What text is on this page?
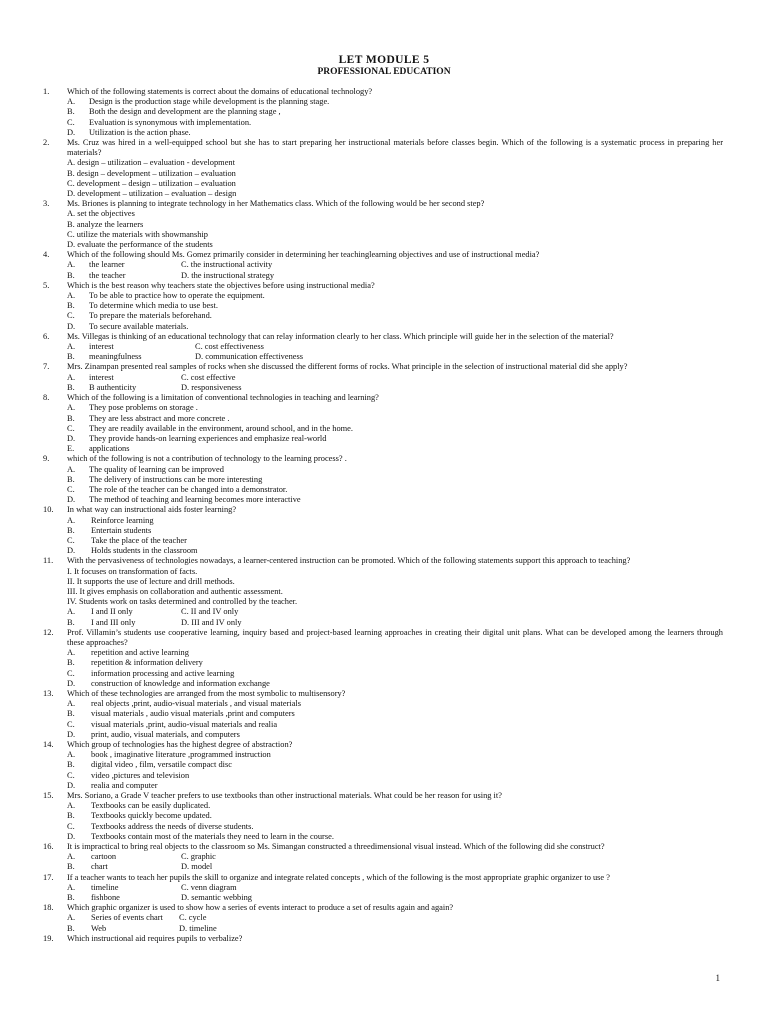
LET MODULE 5
PROFESSIONAL EDUCATION
1. Which of the following statements is correct about the domains of educational technology?
A. Design is the production stage while development is the planning stage.
B. Both the design and development are the planning stage ,
C. Evaluation is synonymous with implementation.
D. Utilization is the action phase.
2. Ms. Cruz was hired in a well-equipped school but she has to start preparing her instructional materials before classes begin. Which of the following is a systematic process in preparing her materials?
A. design – utilization – evaluation - development
B. design – development – utilization – evaluation
C. development – design – utilization – evaluation
D. development – utilization – evaluation – design
3. Ms. Briones is planning to integrate technology in her Mathematics class. Which of the following would be her second step?
A. set the objectives
B. analyze the learners
C. utilize the materials with showmanship
D. evaluate the performance of the students
4. Which of the following should Ms. Gomez primarily consider in determining her teachinglearning objectives and use of instructional media?
A. the learner	C. the instructional activity
B. the teacher	D. the instructional strategy
5. Which is the best reason why teachers state the objectives before using instructional media?
A. To be able to practice how to operate the equipment.
B. To determine which media to use best.
C. To prepare the materials beforehand.
D. To secure available materials.
6. Ms. Villegas is thinking of an educational technology that can relay information clearly to her class. Which principle will guide her in the selection of the material?
A. interest	C. cost effectiveness
B. meaningfulness	D. communication effectiveness
7. Mrs. Zinampan presented real samples of rocks when she discussed the different forms of rocks. What principle in the selection of instructional material did she apply?
A. interest	C. cost effective
B. B authenticity	D. responsiveness
8. Which of the following is a limitation of conventional technologies in teaching and learning?
A. They pose problems on storage .
B. They are less abstract and more concrete .
C. They are readily available in the environment, around school, and in the home.
D. They provide hands-on learning experiences and emphasize real-world
E. applications
9. which of the following is not a contribution of technology to the learning process? .
A. The quality of learning can be improved
B. The delivery of instructions can be more interesting
C. The role of the teacher can be changed into a demonstrator.
D. The method of teaching and learning becomes more interactive
10. In what way can instructional aids foster learning?
A. Reinforce learning
B. Entertain students
C. Take the place of the teacher
D. Holds students in the classroom
11. With the pervasiveness of technologies nowadays, a learner-centered instruction can be promoted. Which of the following statements support this approach to teaching?
I. It focuses on transformation of facts.
II. It supports the use of lecture and drill methods.
III. It gives emphasis on collaboration and authentic assessment.
IV. Students work on tasks determined and controlled by the teacher.
A. I and II only	C. II and IV only
B. I and III only	D. III and IV only
12. Prof. Villamin’s students use cooperative learning, inquiry based and project-based learning approaches in creating their digital unit plans. What can be developed among the learners through these approaches?
A. repetition and active learning
B. repetition & information delivery
C. information processing and active learning
D. construction of knowledge and information exchange
13. Which of these technologies are arranged from the most symbolic to multisensory?
A. real objects ,print, audio-visual materials , and visual materials
B. visual materials , audio visual materials ,print and computers
C. visual materials ,print, audio-visual materials and realia
D. print, audio, visual materials, and computers
14. Which group of technologies has the highest degree of abstraction?
A. book , imaginative literature ,programmed instruction
B. digital video , film, versatile compact disc
C. video ,pictures and television
D. realia and computer
15. Mrs. Soriano, a Grade V teacher prefers to use textbooks than other instructional materials. What could be her reason for using it?
A. Textbooks can be easily duplicated.
B. Textbooks quickly become updated.
C. Textbooks address the needs of diverse students.
D. Textbooks contain most of the materials they need to learn in the course.
16. It is impractical to bring real objects to the classroom so Ms. Simangan constructed a threedimensional visual instead. Which of the following did she construct?
A. cartoon	C. graphic
B. chart	D. model
17. If a teacher wants to teach her pupils the skill to organize and integrate related concepts , which of the following is the most appropriate graphic organizer to use ?
A. timeline	C. venn diagram
B. fishbone	D. semantic webbing
18. Which graphic organizer is used to show how a series of events interact to produce a set of results again and again?
A. Series of events chart C. cycle
B. Web	D. timeline
19. Which instructional aid requires pupils to verbalize?
1
